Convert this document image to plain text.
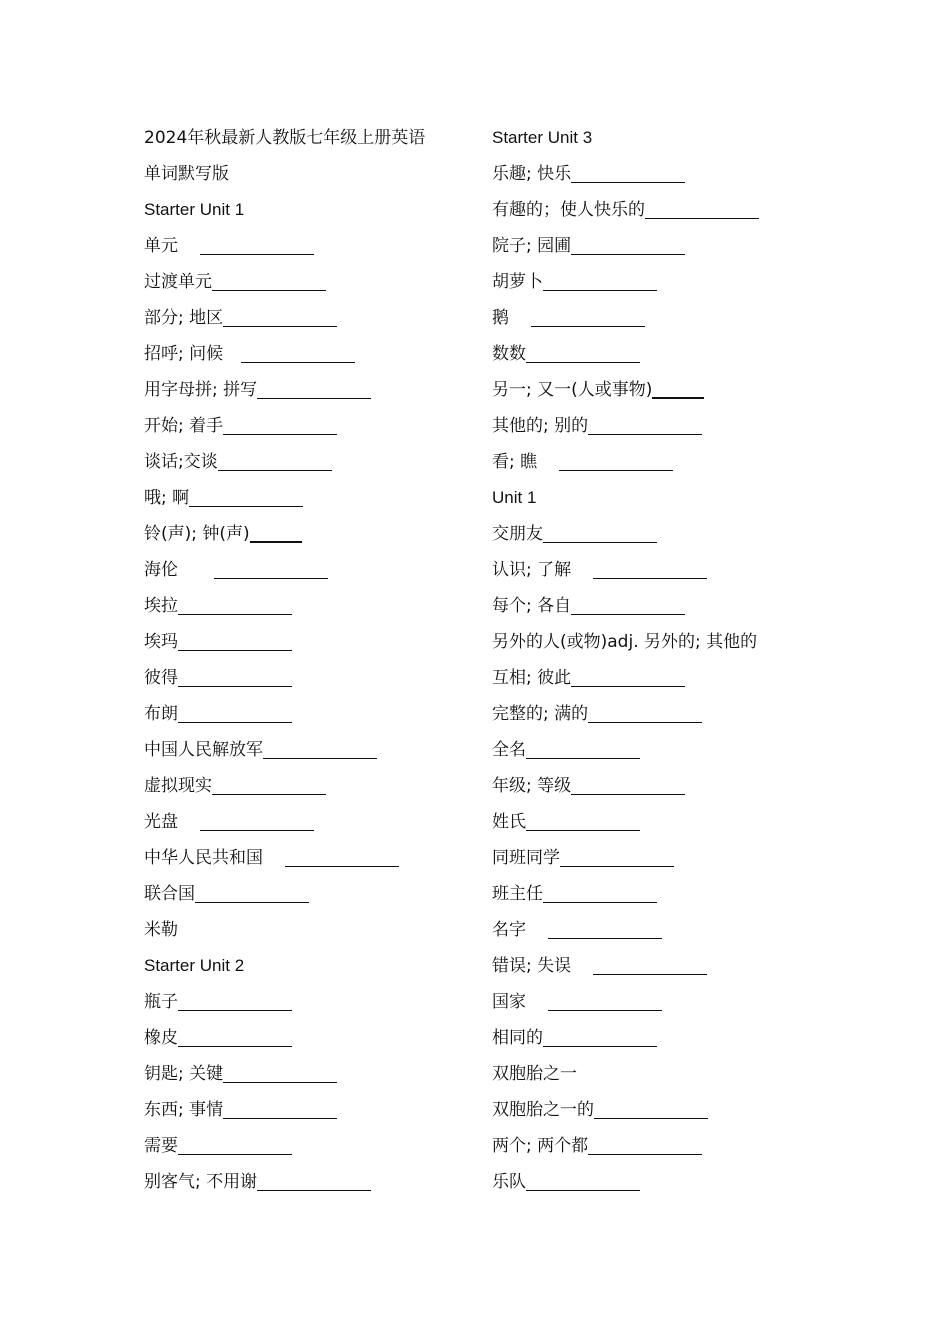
2024年秋最新人教版七年级上册英语
单词默写版
Starter Unit 1
单元
过渡单元
部分; 地区
招呼; 问候
用字母拼; 拼写
开始; 着手
谈话;交谈
哦; 啊
铃(声); 钟(声)
海伦
埃拉
埃玛
彼得
布朗
中国人民解放军
虚拟现实
光盘
中华人民共和国
联合国
米勒
Starter Unit 2
瓶子
橡皮
钥匙; 关键
东西; 事情
需要
别客气; 不用谢
Starter Unit 3
乐趣; 快乐
有趣的；使人快乐的
院子; 园圃
胡萝卜
鹅
数数
另一; 又一(人或事物)
其他的; 别的
看; 瞧
Unit 1
交朋友
认识; 了解
每个; 各自
另外的人(或物)adj. 另外的; 其他的
互相; 彼此
完整的; 满的
全名
年级; 等级
姓氏
同班同学
班主任
名字
错误; 失误
国家
相同的
双胞胎之一
双胞胎之一的
两个; 两个都
乐队
